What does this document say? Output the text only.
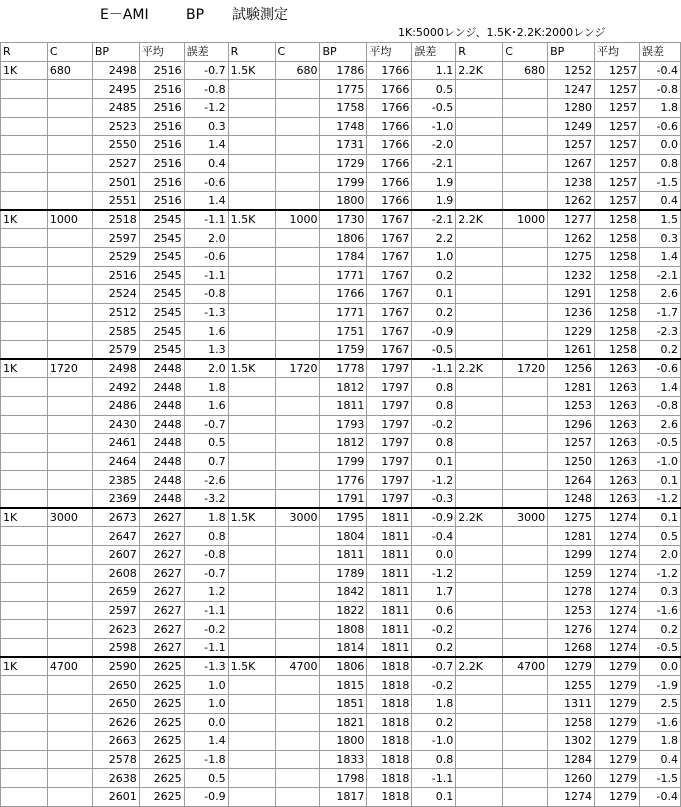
E－AMI	BP 試験測定
1K:5000レンジ、1.5K･2.2K:2000レンジ
R	C	BP	平均	誤差	R	C	BP	平均	誤差	R	C	BP	平均	誤差
1K	680	2498	2516	-0.7	1.5K	680	1786	1766	1.1	2.2K	680	1252	1257	-0.4
		2495	2516	-0.8			1775	1766	0.5			1247	1257	-0.8
		2485	2516	-1.2			1758	1766	-0.5			1280	1257	1.8
		2523	2516	0.3			1748	1766	-1.0			1249	1257	-0.6
		2550	2516	1.4			1731	1766	-2.0			1257	1257	0.0
		2527	2516	0.4			1729	1766	-2.1			1267	1257	0.8
		2501	2516	-0.6			1799	1766	1.9			1238	1257	-1.5
		2551	2516	1.4			1800	1766	1.9			1262	1257	0.4
1K	1000	2518	2545	-1.1	1.5K	1000	1730	1767	-2.1	2.2K	1000	1277	1258	1.5
		2597	2545	2.0			1806	1767	2.2			1262	1258	0.3
		2529	2545	-0.6			1784	1767	1.0			1275	1258	1.4
		2516	2545	-1.1			1771	1767	0.2			1232	1258	-2.1
		2524	2545	-0.8			1766	1767	0.1			1291	1258	2.6
		2512	2545	-1.3			1771	1767	0.2			1236	1258	-1.7
		2585	2545	1.6			1751	1767	-0.9			1229	1258	-2.3
		2579	2545	1.3			1759	1767	-0.5			1261	1258	0.2
1K	1720	2498	2448	2.0	1.5K	1720	1778	1797	-1.1	2.2K	1720	1256	1263	-0.6
		2492	2448	1.8			1812	1797	0.8			1281	1263	1.4
		2486	2448	1.6			1811	1797	0.8			1253	1263	-0.8
		2430	2448	-0.7			1793	1797	-0.2			1296	1263	2.6
		2461	2448	0.5			1812	1797	0.8			1257	1263	-0.5
		2464	2448	0.7			1799	1797	0.1			1250	1263	-1.0
		2385	2448	-2.6			1776	1797	-1.2			1264	1263	0.1
		2369	2448	-3.2			1791	1797	-0.3			1248	1263	-1.2
1K	3000	2673	2627	1.8	1.5K	3000	1795	1811	-0.9	2.2K	3000	1275	1274	0.1
		2647	2627	0.8			1804	1811	-0.4			1281	1274	0.5
		2607	2627	-0.8			1811	1811	0.0			1299	1274	2.0
		2608	2627	-0.7			1789	1811	-1.2			1259	1274	-1.2
		2659	2627	1.2			1842	1811	1.7			1278	1274	0.3
		2597	2627	-1.1			1822	1811	0.6			1253	1274	-1.6
		2623	2627	-0.2			1808	1811	-0.2			1276	1274	0.2
		2598	2627	-1.1			1814	1811	0.2			1268	1274	-0.5
1K	4700	2590	2625	-1.3	1.5K	4700	1806	1818	-0.7	2.2K	4700	1279	1279	0.0
		2650	2625	1.0			1815	1818	-0.2			1255	1279	-1.9
		2650	2625	1.0			1851	1818	1.8			1311	1279	2.5
		2626	2625	0.0			1821	1818	0.2			1258	1279	-1.6
		2663	2625	1.4			1800	1818	-1.0			1302	1279	1.8
		2578	2625	-1.8			1833	1818	0.8			1284	1279	0.4
		2638	2625	0.5			1798	1818	-1.1			1260	1279	-1.5
		2601	2625	-0.9			1817	1818	0.1			1274	1279	-0.4
